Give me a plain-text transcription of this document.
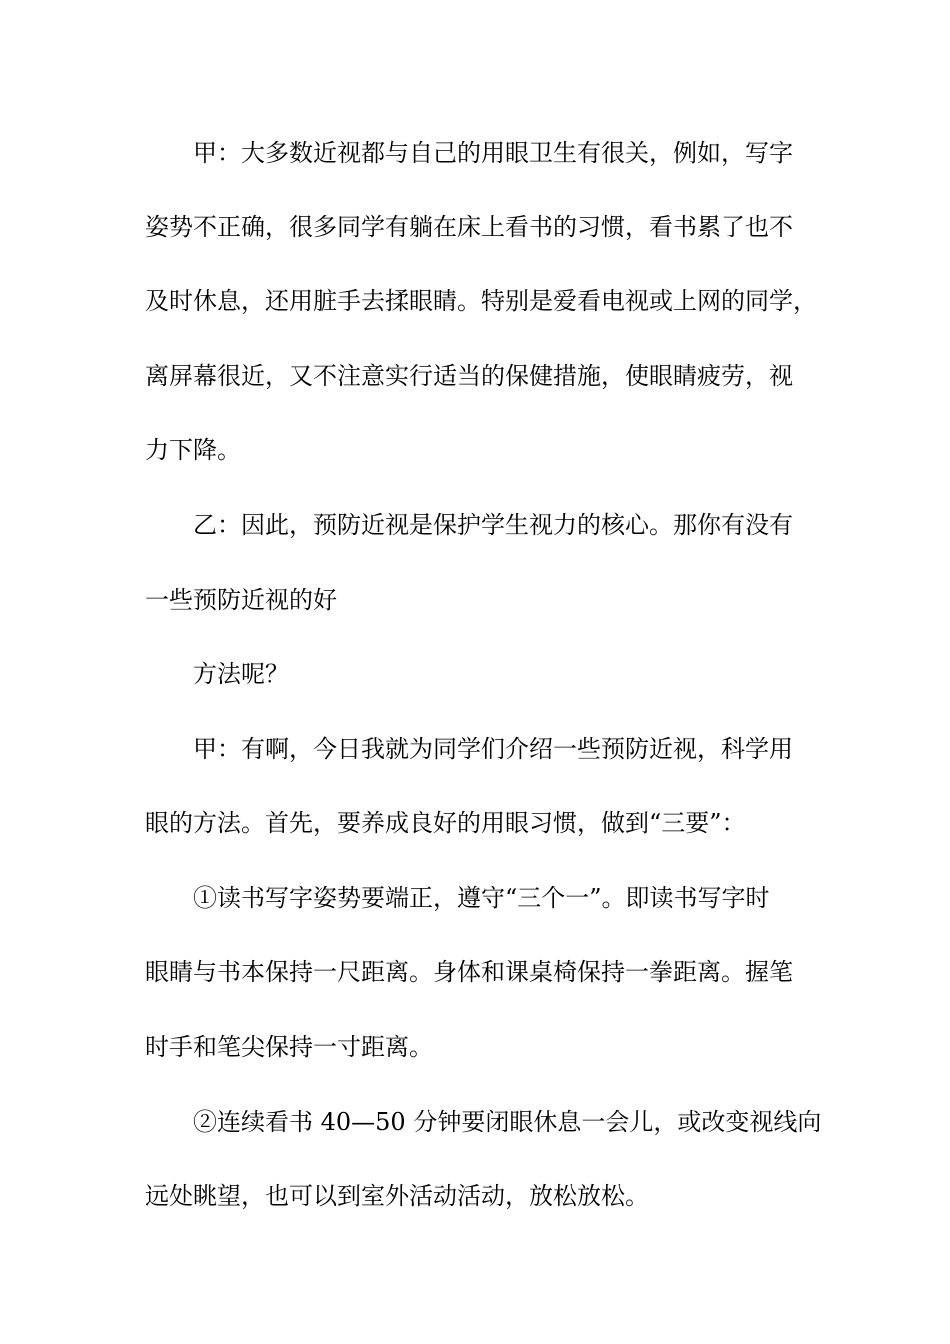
甲：大多数近视都与自己的用眼卫生有很关，例如，写字
姿势不正确，很多同学有躺在床上看书的习惯，看书累了也不
及时休息，还用脏手去揉眼睛。特别是爱看电视或上网的同学，
离屏幕很近，又不注意实行适当的保健措施，使眼睛疲劳，视
力下降。
乙：因此，预防近视是保护学生视力的核心。那你有没有
一些预防近视的好
方法呢？
甲：有啊，今日我就为同学们介绍一些预防近视，科学用
眼的方法。首先，要养成良好的用眼习惯，做到“三要”：
①读书写字姿势要端正，遵守“三个一”。即读书写字时
眼睛与书本保持一尺距离。身体和课桌椅保持一拳距离。握笔
时手和笔尖保持一寸距离。
②连续看书 40—50 分钟要闭眼休息一会儿，或改变视线向
远处眺望，也可以到室外活动活动，放松放松。
